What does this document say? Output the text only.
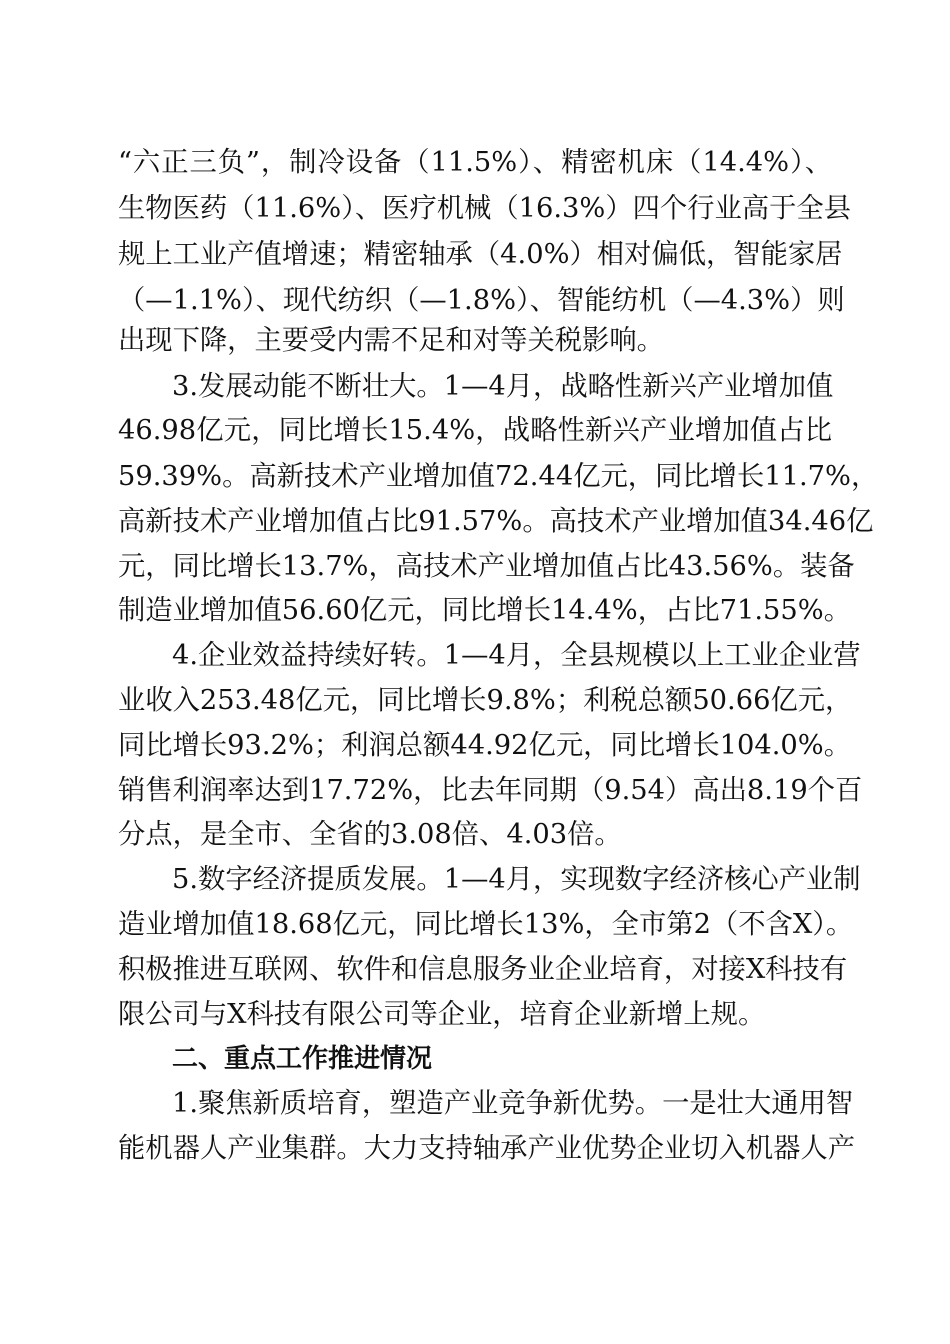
“六正三负”，制冷设备（11.5%）、精密机床（14.4%）、
生物医药（11.6%）、医疗机械（16.3%）四个行业高于全县
规上工业产值增速；精密轴承（4.0%）相对偏低，智能家居
（—1.1%）、现代纺织（—1.8%）、智能纺机（—4.3%）则
出现下降，主要受内需不足和对等关税影响。
3.发展动能不断壮大。1—4月，战略性新兴产业增加值
46.98亿元，同比增长15.4%，战略性新兴产业增加值占比
59.39%。高新技术产业增加值72.44亿元，同比增长11.7%，
高新技术产业增加值占比91.57%。高技术产业增加值34.46亿
元，同比增长13.7%，高技术产业增加值占比43.56%。装备
制造业增加值56.60亿元，同比增长14.4%，占比71.55%。
4.企业效益持续好转。1—4月，全县规模以上工业企业营
业收入253.48亿元，同比增长9.8%；利税总额50.66亿元，
同比增长93.2%；利润总额44.92亿元，同比增长104.0%。
销售利润率达到17.72%，比去年同期（9.54）高出8.19个百
分点，是全市、全省的3.08倍、4.03倍。
5.数字经济提质发展。1—4月，实现数字经济核心产业制
造业增加值18.68亿元，同比增长13%，全市第2（不含X）。
积极推进互联网、软件和信息服务业企业培育，对接X科技有
限公司与X科技有限公司等企业，培育企业新增上规。
二、重点工作推进情况
1.聚焦新质培育，塑造产业竞争新优势。一是壮大通用智
能机器人产业集群。大力支持轴承产业优势企业切入机器人产
